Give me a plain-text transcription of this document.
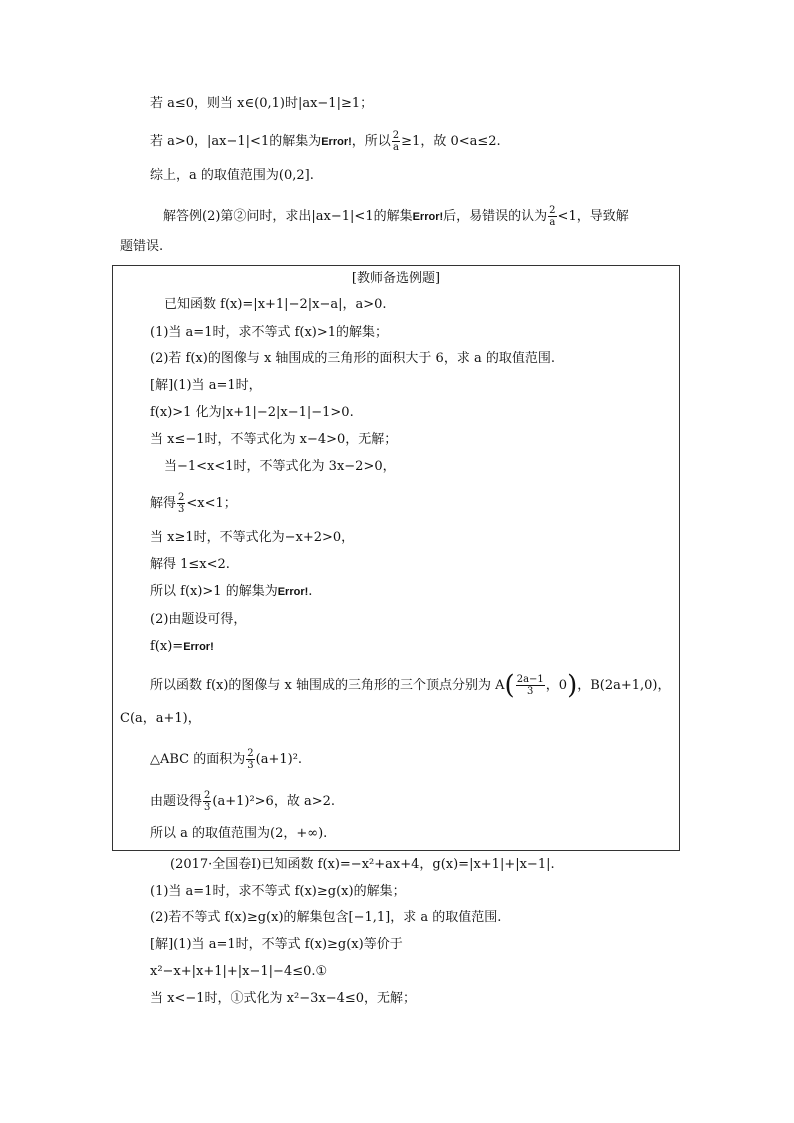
若 a≤0，则当 x∈(0,1)时|ax−1|≥1；
若 a>0，|ax−1|<1的解集为Error!，所以 $\frac{2}{a} \ge 1$，故 0<a≤2.
综上，a 的取值范围为(0,2].
解答例(2)第②问时，求出|ax−1|<1的解集Error!后，易错误的认为 $\frac{2}{a} <1$，导致解
题错误.
[教师备选例题]
已知函数 f(x)=|x+1|−2|x−a|，a>0.
(1)当 a=1时，求不等式 f(x)>1的解集；
(2)若 f(x)的图像与 x 轴围成的三角形的面积大于 6，求 a 的取值范围.
[解](1)当 a=1时，
f(x)>1 化为|x+1|−2|x−1|−1>0.
当 x≤−1时，不等式化为 x−4>0，无解；
当−1<x<1时，不等式化为 3x−2>0，
解得 $\frac{2}{3} <x<1$；
当 x≥1时，不等式化为−x+2>0，
解得 1≤x<2.
所以 f(x)>1 的解集为Error!.
(2)由题设可得，
f(x)=Error!
所以函数 f(x)的图像与 x 轴围成的三角形的三个顶点分别为 $A( \frac{2a-1}{3}$ ，0)，B(2a+1,0)，
C(a，a+1)，
△ABC 的面积为 $\frac{2}{3} (a+1)^2$.
由题设得 $\frac{2}{3} (a+1)^2>6$，故 a>2.
所以 a 的取值范围为(2，+∞).
(2017·全国卷Ⅰ)已知函数 f(x)=−x²+ax+4，g(x)=|x+1|+|x−1|.
(1)当 a=1时，求不等式 f(x)≥g(x)的解集；
(2)若不等式 f(x)≥g(x)的解集包含[−1,1]，求 a 的取值范围.
[解](1)当 a=1时，不等式 f(x)≥g(x)等价于
x²−x+|x+1|+|x−1|−4≤0.①
当 x<−1时，①式化为 x²−3x−4≤0，无解；
